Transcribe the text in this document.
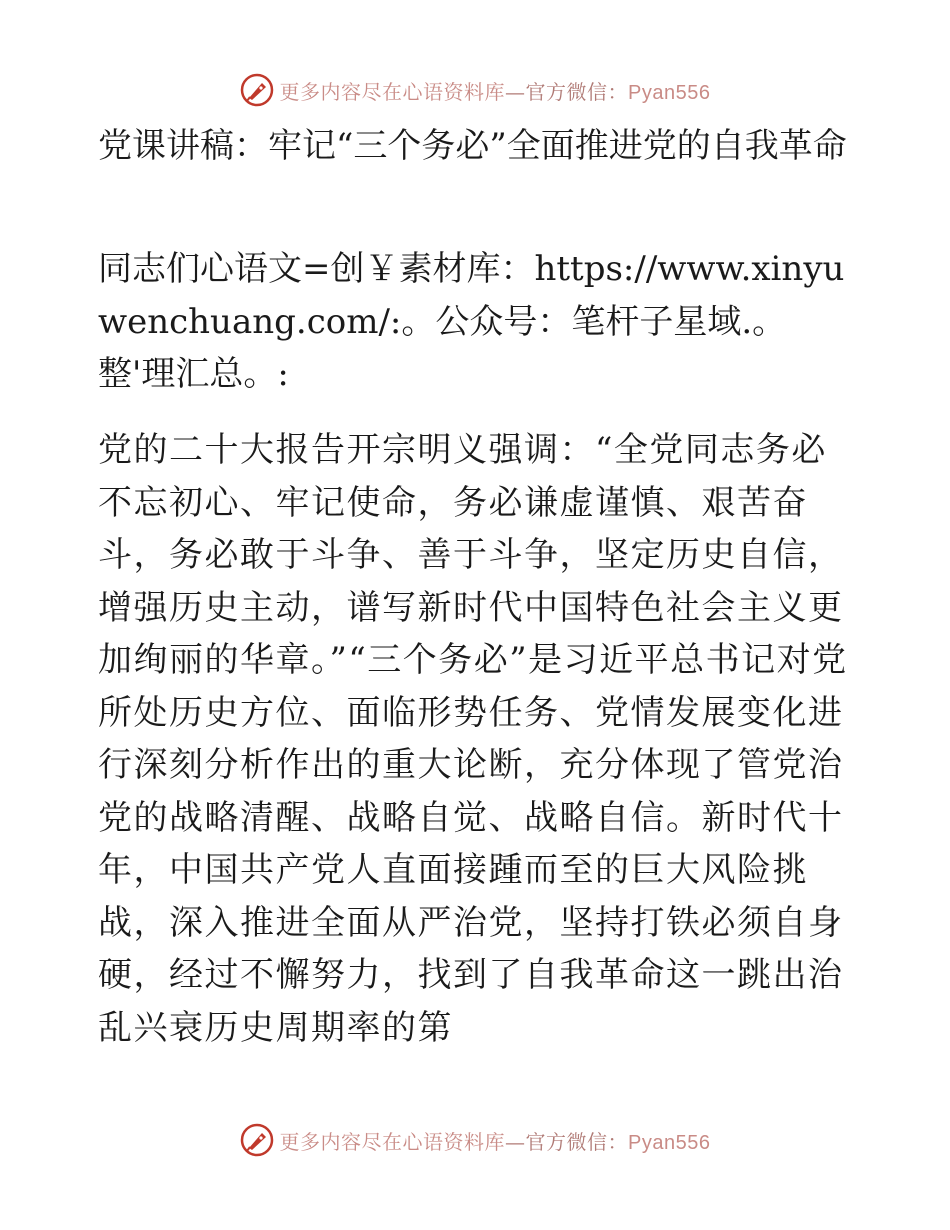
更多内容尽在心语资料库—官方微信：Pyan556

党课讲稿：牢记“三个务必”全面推进党的自我革命

同志们心语文=创￥素材库：https://www.xinyuwenchuang.com/:。公众号：笔杆子星域.。整'理汇总。:

党的二十大报告开宗明义强调：“全党同志务必不忘初心、牢记使命，务必谦虚谨慎、艰苦奋斗，务必敢于斗争、善于斗争，坚定历史自信，增强历史主动，谱写新时代中国特色社会主义更加绚丽的华章。”“三个务必”是习近平总书记对党所处历史方位、面临形势任务、党情发展变化进行深刻分析作出的重大论断，充分体现了管党治党的战略清醒、战略自觉、战略自信。新时代十年，中国共产党人直面接踵而至的巨大风险挑战，深入推进全面从严治党，坚持打铁必须自身硬，经过不懈努力，找到了自我革命这一跳出治乱兴衰历史周期率的第

更多内容尽在心语资料库—官方微信：Pyan556
